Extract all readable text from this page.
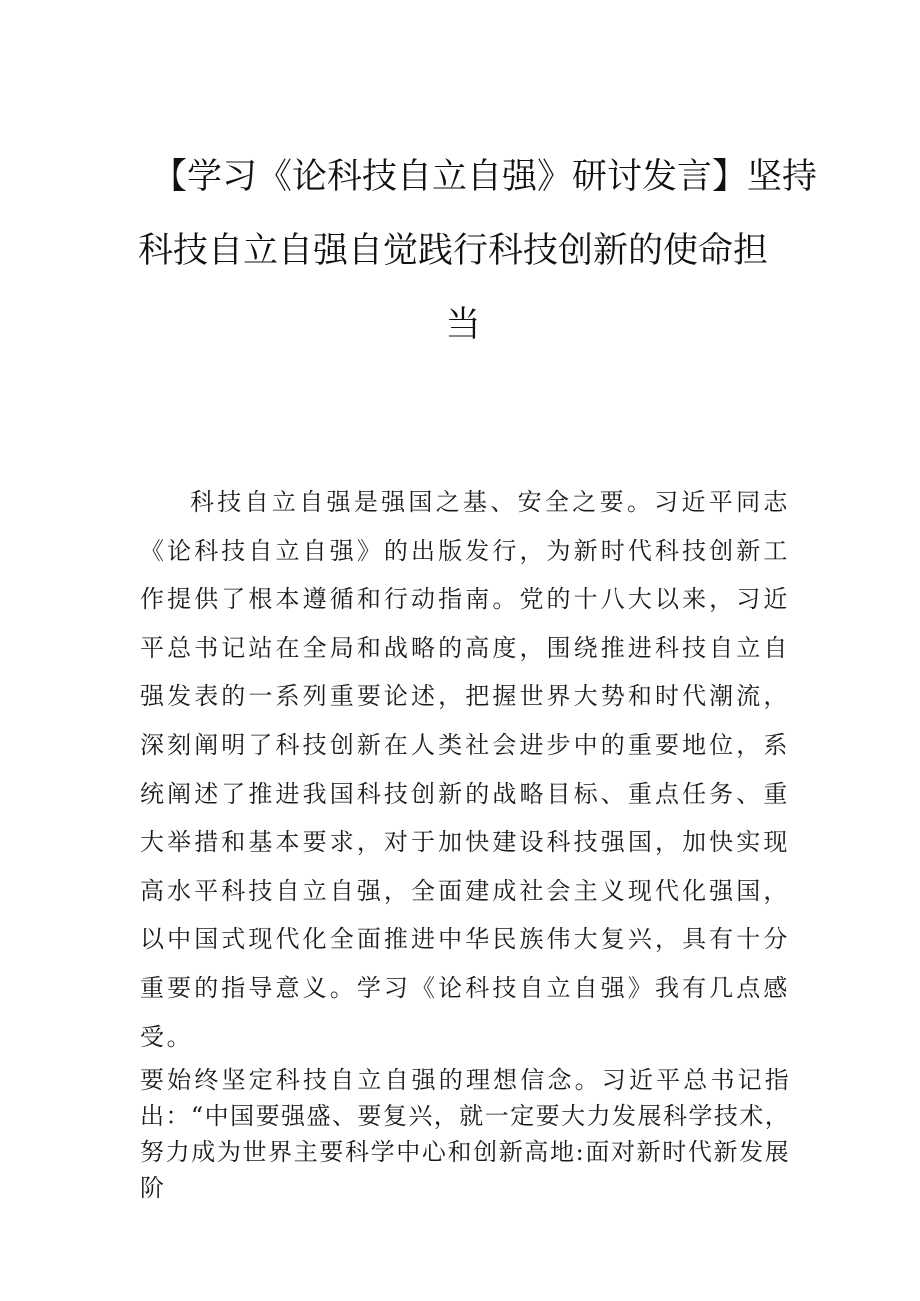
【学习《论科技自立自强》研讨发言】坚持
科技自立自强自觉践行科技创新的使命担
当

科技自立自强是强国之基、安全之要。习近平同志《论科技自立自强》的出版发行，为新时代科技创新工作提供了根本遵循和行动指南。党的十八大以来，习近平总书记站在全局和战略的高度，围绕推进科技自立自强发表的一系列重要论述，把握世界大势和时代潮流，深刻阐明了科技创新在人类社会进步中的重要地位，系统阐述了推进我国科技创新的战略目标、重点任务、重大举措和基本要求，对于加快建设科技强国，加快实现高水平科技自立自强，全面建成社会主义现代化强国，以中国式现代化全面推进中华民族伟大复兴，具有十分重要的指导意义。学习《论科技自立自强》我有几点感受。

要始终坚定科技自立自强的理想信念。习近平总书记指出：“中国要强盛、要复兴，就一定要大力发展科学技术，努力成为世界主要科学中心和创新高地:面对新时代新发展阶
